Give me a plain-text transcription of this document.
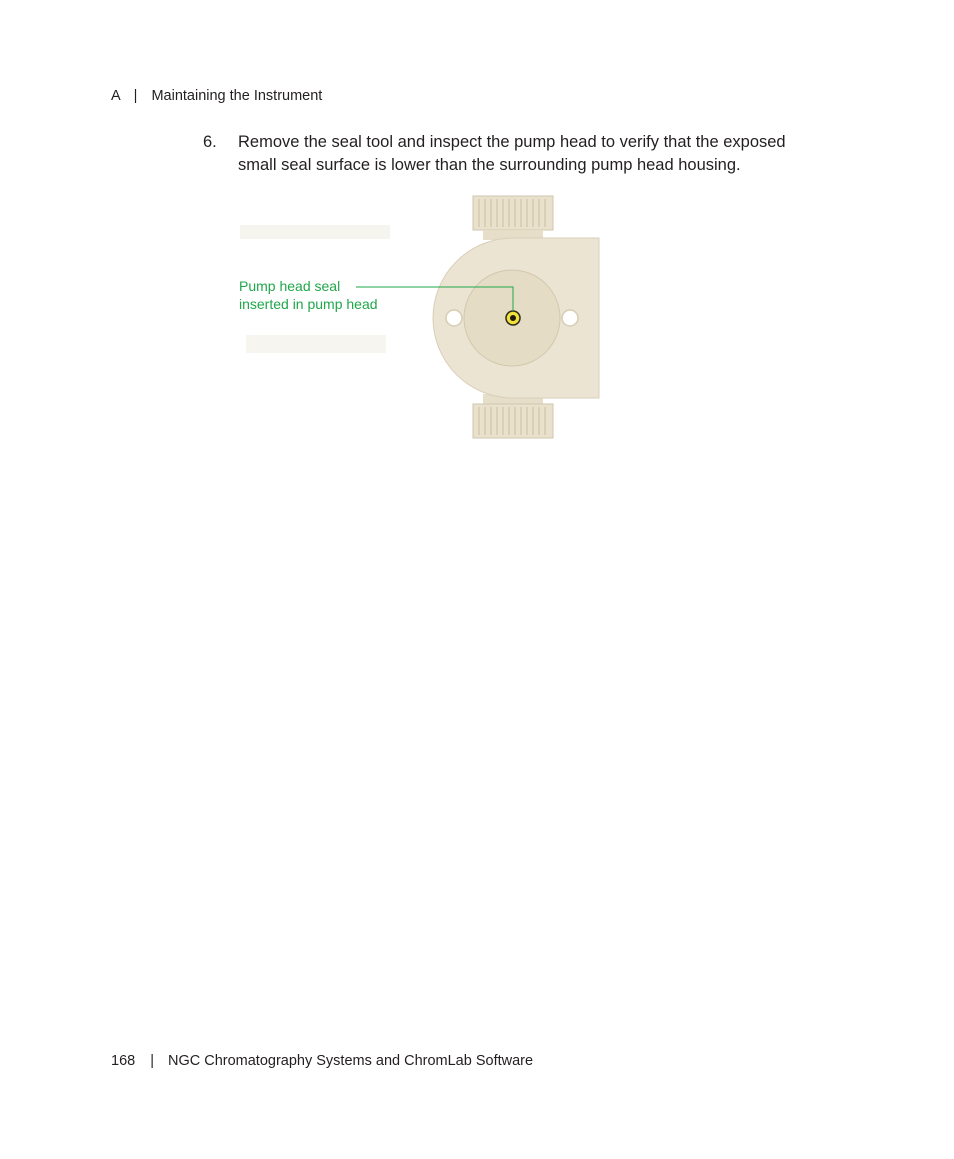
A | Maintaining the Instrument
6. Remove the seal tool and inspect the pump head to verify that the exposed small seal surface is lower than the surrounding pump head housing.
Pump head seal
inserted in pump head
168 | NGC Chromatography Systems and ChromLab Software
